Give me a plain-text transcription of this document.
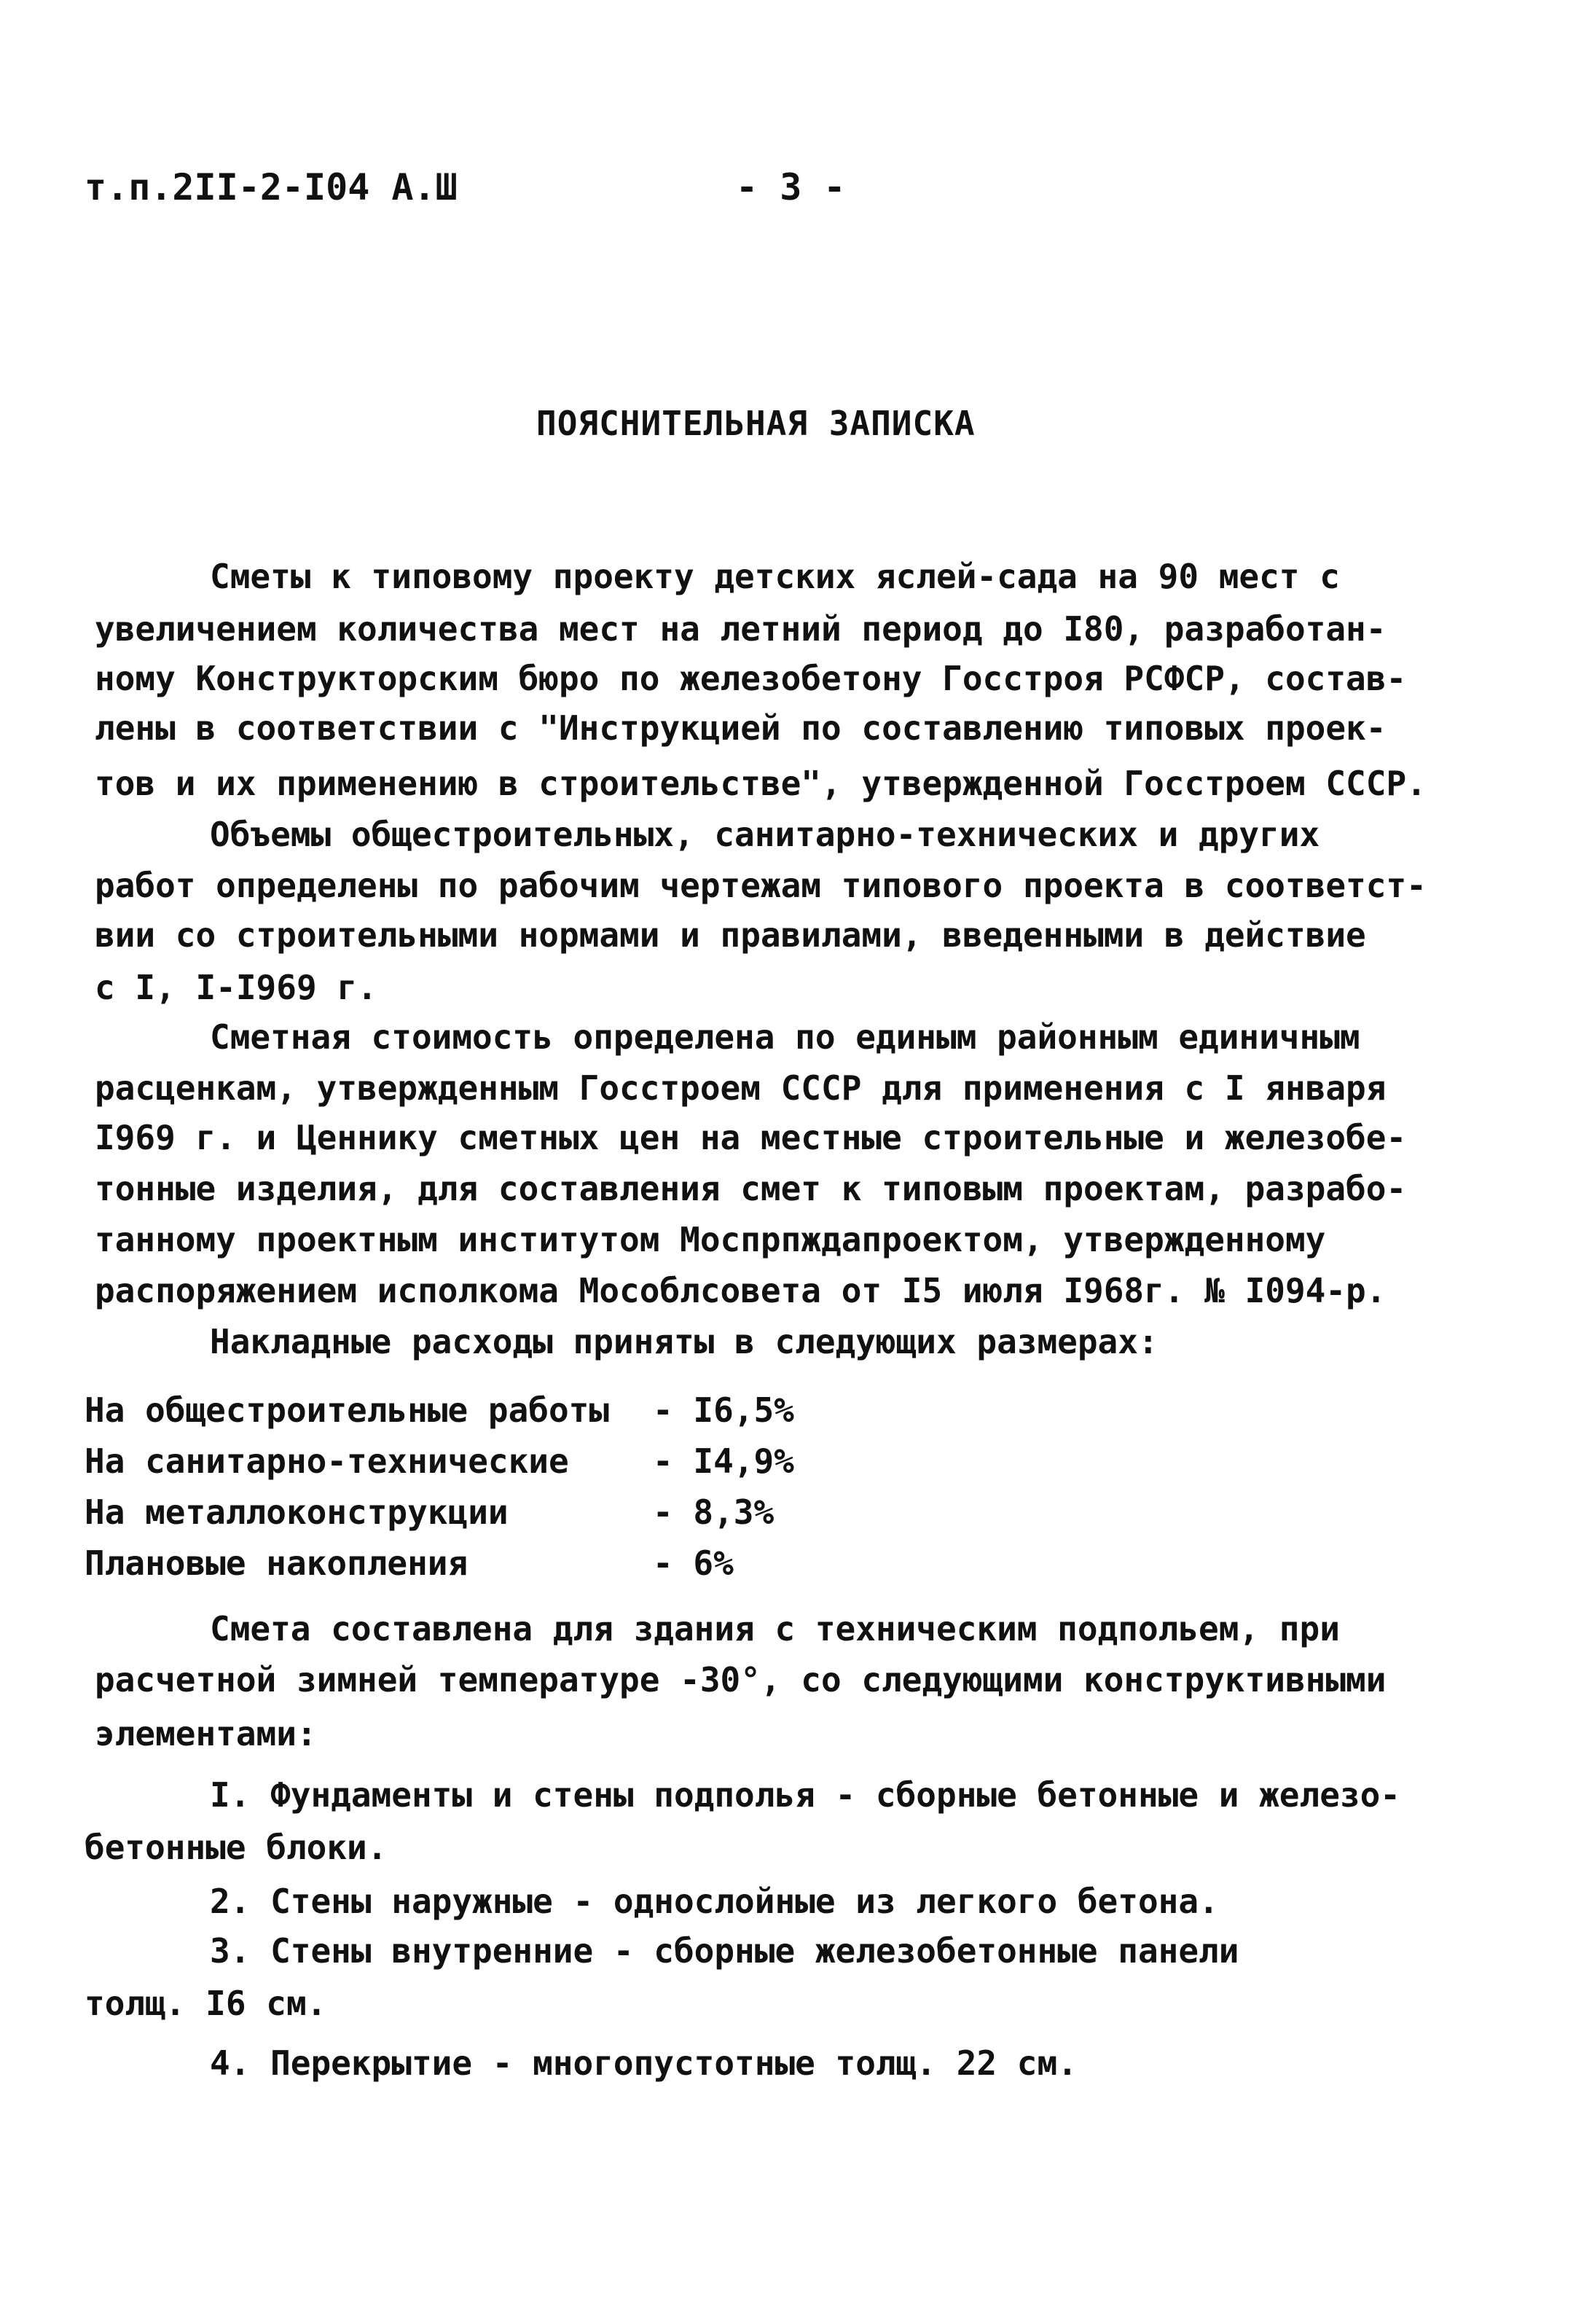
т.п.2II-2-I04 А.Ш	- 3 -
ПОЯСНИТЕЛЬНАЯ ЗАПИСКА
Сметы к типовому проекту детских яслей-сада на 90 мест с
увеличением количества мест на летний период до I80, разработан-
ному Конструкторским бюро по железобетону Госстроя РСФСР, состав-
лены в соответствии с "Инструкцией по составлению типовых проек-
тов и их применению в строительстве", утвержденной Госстроем СССР.
Объемы общестроительных, санитарно-технических и других
работ определены по рабочим чертежам типового проекта в соответст-
вии со строительными нормами и правилами, введенными в действие
с I, I-I969 г.
Сметная стоимость определена по единым районным единичным
расценкам, утвержденным Госстроем СССР для применения с I января
I969 г. и Ценнику сметных цен на местные строительные и железобе-
тонные изделия, для составления смет к типовым проектам, разрабо-
танному проектным институтом Моспрпждапроектом, утвержденному
распоряжением исполкома Мособлсовета от I5 июля I968г. № I094-р.
Накладные расходы приняты в следующих размерах:
На общестроительные работы - I6,5%
На санитарно-технические	- I4,9%
На металлоконструкции	- 8,3%
Плановые накопления	- 6%
Смета составлена для здания с техническим подпольем, при
расчетной зимней температуре -30°, со следующими конструктивными
элементами:
I. Фундаменты и стены подполья - сборные бетонные и железо-
бетонные блоки.
2. Стены наружные - однослойные из легкого бетона.
3. Стены внутренние - сборные железобетонные панели
толщ. I6 см.
4. Перекрытие - многопустотные толщ. 22 см.
